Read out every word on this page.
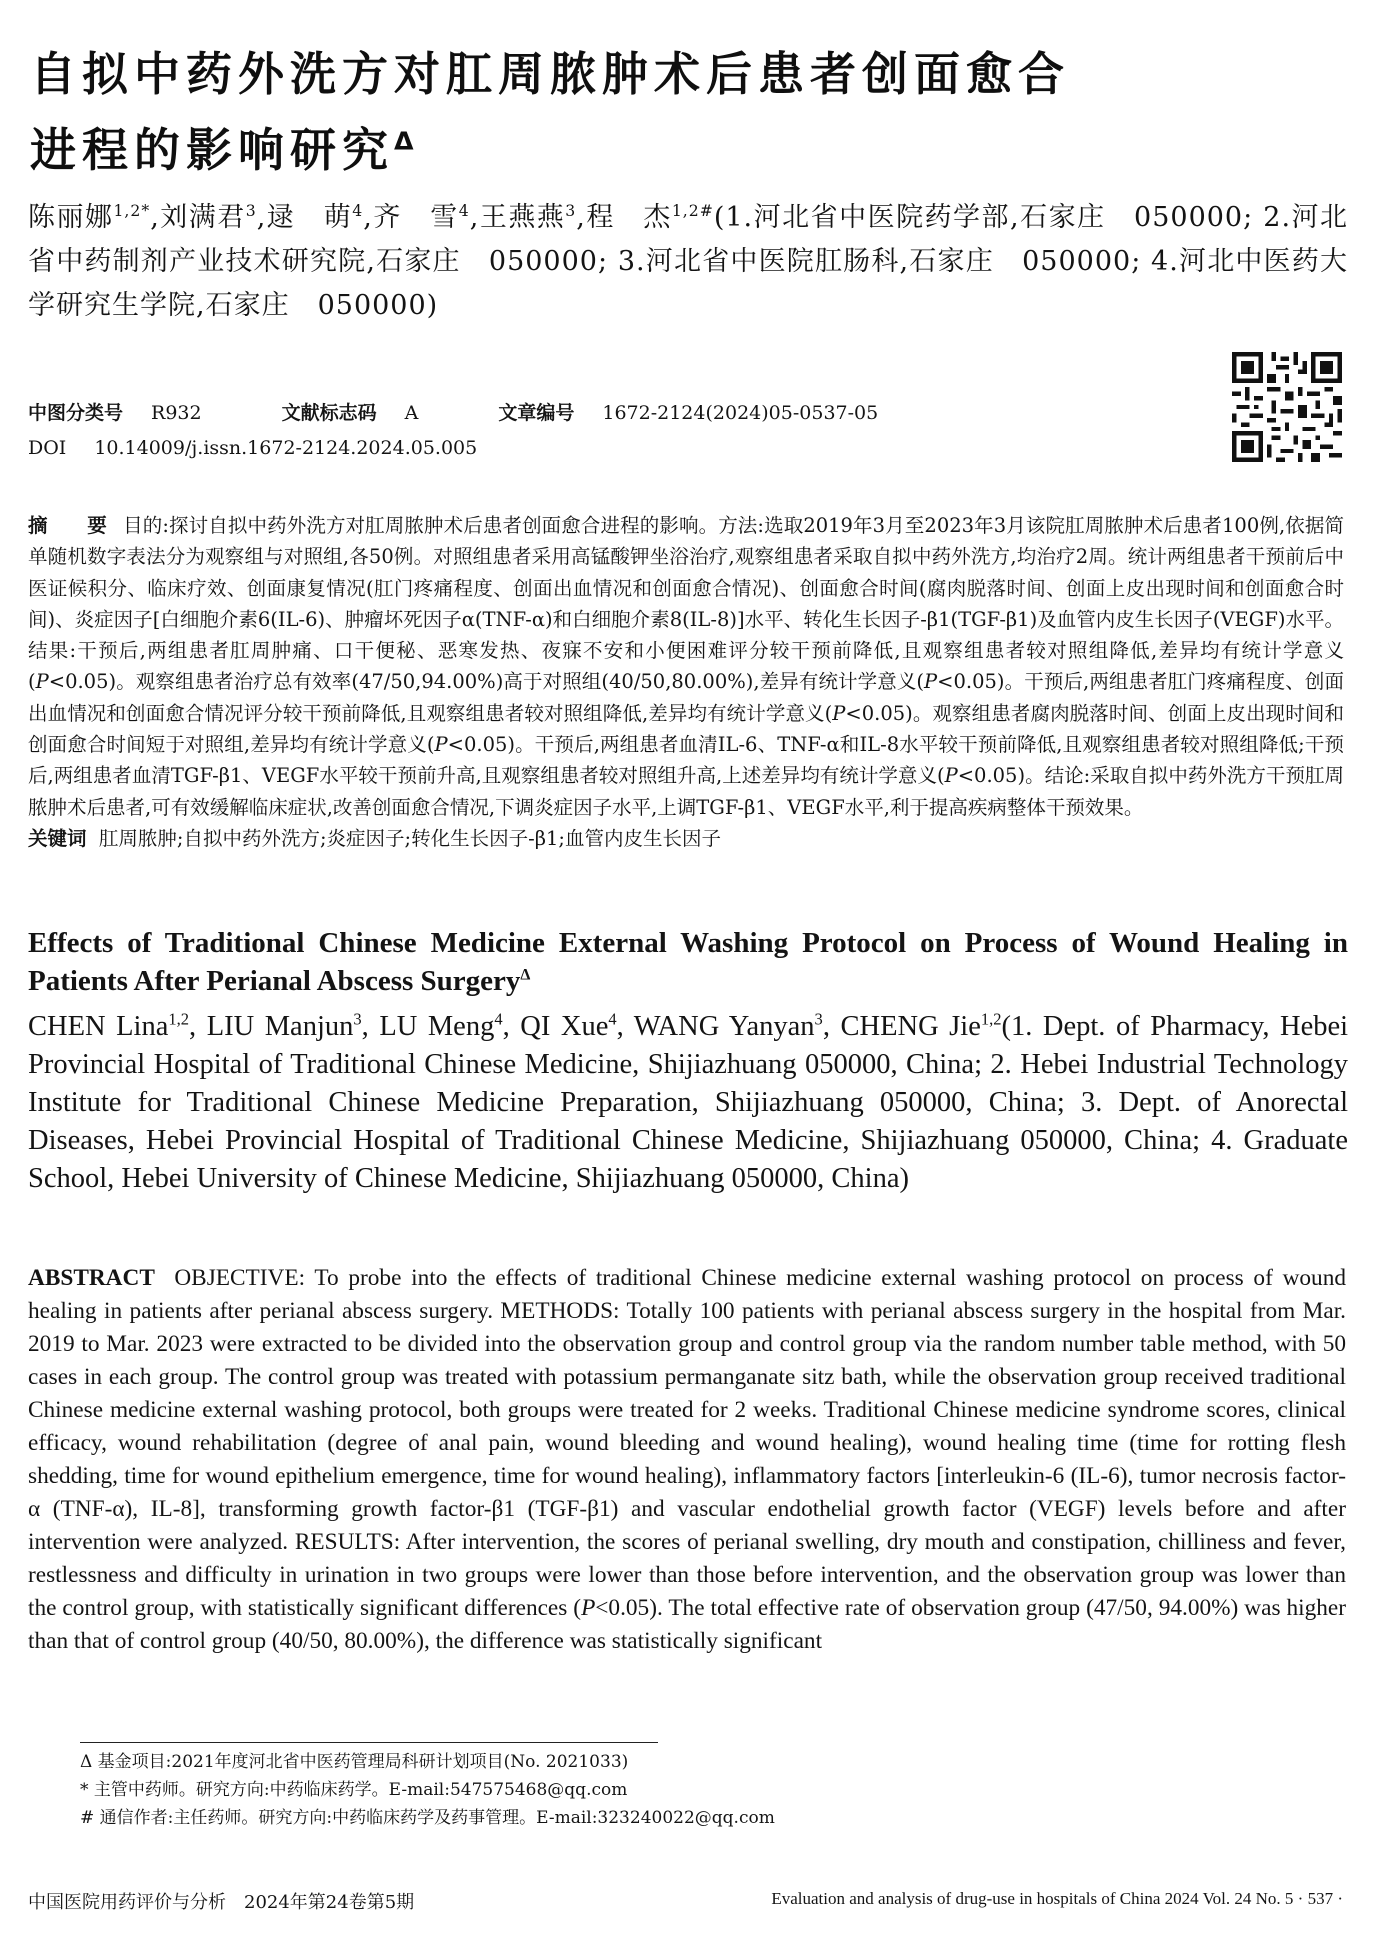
自拟中药外洗方对肛周脓肿术后患者创面愈合
进程的影响研究$^\Delta$
陈丽娜$^{1,2*}$,刘满君$^3$,逯　萌$^4$,齐　雪$^4$,王燕燕$^3$,程　杰$^{1,2\#}$(1.河北省中医院药学部,石家庄　050000; 2.河北省中药制剂产业技术研究院,石家庄　050000; 3.河北省中医院肛肠科,石家庄　050000; 4.河北中医药大学研究生学院,石家庄　050000)
中图分类号 R932	文献标志码 A	文章编号 1672-2124(2024)05-0537-05
DOI 10.14009/j.issn.1672-2124.2024.05.005
摘　要 目的:探讨自拟中药外洗方对肛周脓肿术后患者创面愈合进程的影响。方法:选取2019年3月至2023年3月该院肛周脓肿术后患者100例,依据简单随机数字表法分为观察组与对照组,各50例。对照组患者采用高锰酸钾坐浴治疗,观察组患者采取自拟中药外洗方,均治疗2周。统计两组患者干预前后中医证候积分、临床疗效、创面康复情况(肛门疼痛程度、创面出血情况和创面愈合情况)、创面愈合时间(腐肉脱落时间、创面上皮出现时间和创面愈合时间)、炎症因子[白细胞介素6(IL-6)、肿瘤坏死因子α(TNF-α)和白细胞介素8(IL-8)]水平、转化生长因子-β1(TGF-β1)及血管内皮生长因子(VEGF)水平。结果:干预后,两组患者肛周肿痛、口干便秘、恶寒发热、夜寐不安和小便困难评分较干预前降低,且观察组患者较对照组降低,差异均有统计学意义(P<0.05)。观察组患者治疗总有效率(47/50,94.00%)高于对照组(40/50,80.00%),差异有统计学意义(P<0.05)。干预后,两组患者肛门疼痛程度、创面出血情况和创面愈合情况评分较干预前降低,且观察组患者较对照组降低,差异均有统计学意义(P<0.05)。观察组患者腐肉脱落时间、创面上皮出现时间和创面愈合时间短于对照组,差异均有统计学意义(P<0.05)。干预后,两组患者血清IL-6、TNF-α和IL-8水平较干预前降低,且观察组患者较对照组降低;干预后,两组患者血清TGF-β1、VEGF水平较干预前升高,且观察组患者较对照组升高,上述差异均有统计学意义(P<0.05)。结论:采取自拟中药外洗方干预肛周脓肿术后患者,可有效缓解临床症状,改善创面愈合情况,下调炎症因子水平,上调TGF-β1、VEGF水平,利于提高疾病整体干预效果。
关键词 肛周脓肿;自拟中药外洗方;炎症因子;转化生长因子-β1;血管内皮生长因子
Effects of Traditional Chinese Medicine External Washing Protocol on Process of Wound Healing in Patients After Perianal Abscess Surgery$^\Delta$
CHEN Lina$^{1,2}$, LIU Manjun$^3$, LU Meng$^4$, QI Xue$^4$, WANG Yanyan$^3$, CHENG Jie$^{1,2}$(1. Dept. of Pharmacy, Hebei Provincial Hospital of Traditional Chinese Medicine, Shijiazhuang 050000, China; 2. Hebei Industrial Technology Institute for Traditional Chinese Medicine Preparation, Shijiazhuang 050000, China; 3. Dept. of Anorectal Diseases, Hebei Provincial Hospital of Traditional Chinese Medicine, Shijiazhuang 050000, China; 4. Graduate School, Hebei University of Chinese Medicine, Shijiazhuang 050000, China)
ABSTRACT OBJECTIVE: To probe into the effects of traditional Chinese medicine external washing protocol on process of wound healing in patients after perianal abscess surgery. METHODS: Totally 100 patients with perianal abscess surgery in the hospital from Mar. 2019 to Mar. 2023 were extracted to be divided into the observation group and control group via the random number table method, with 50 cases in each group. The control group was treated with potassium permanganate sitz bath, while the observation group received traditional Chinese medicine external washing protocol, both groups were treated for 2 weeks. Traditional Chinese medicine syndrome scores, clinical efficacy, wound rehabilitation (degree of anal pain, wound bleeding and wound healing), wound healing time (time for rotting flesh shedding, time for wound epithelium emergence, time for wound healing), inflammatory factors [interleukin-6 (IL-6), tumor necrosis factor-α (TNF-α), IL-8], transforming growth factor-β1 (TGF-β1) and vascular endothelial growth factor (VEGF) levels before and after intervention were analyzed. RESULTS: After intervention, the scores of perianal swelling, dry mouth and constipation, chilliness and fever, restlessness and difficulty in urination in two groups were lower than those before intervention, and the observation group was lower than the control group, with statistically significant differences (P<0.05). The total effective rate of observation group (47/50, 94.00%) was higher than that of control group (40/50, 80.00%), the difference was statistically significant
Δ 基金项目:2021年度河北省中医药管理局科研计划项目(No. 2021033)
* 主管中药师。研究方向:中药临床药学。E-mail:547575468@qq.com
# 通信作者:主任药师。研究方向:中药临床药学及药事管理。E-mail:323240022@qq.com
中国医院用药评价与分析　2024年第24卷第5期	Evaluation and analysis of drug-use in hospitals of China 2024 Vol. 24 No. 5 · 537 ·
